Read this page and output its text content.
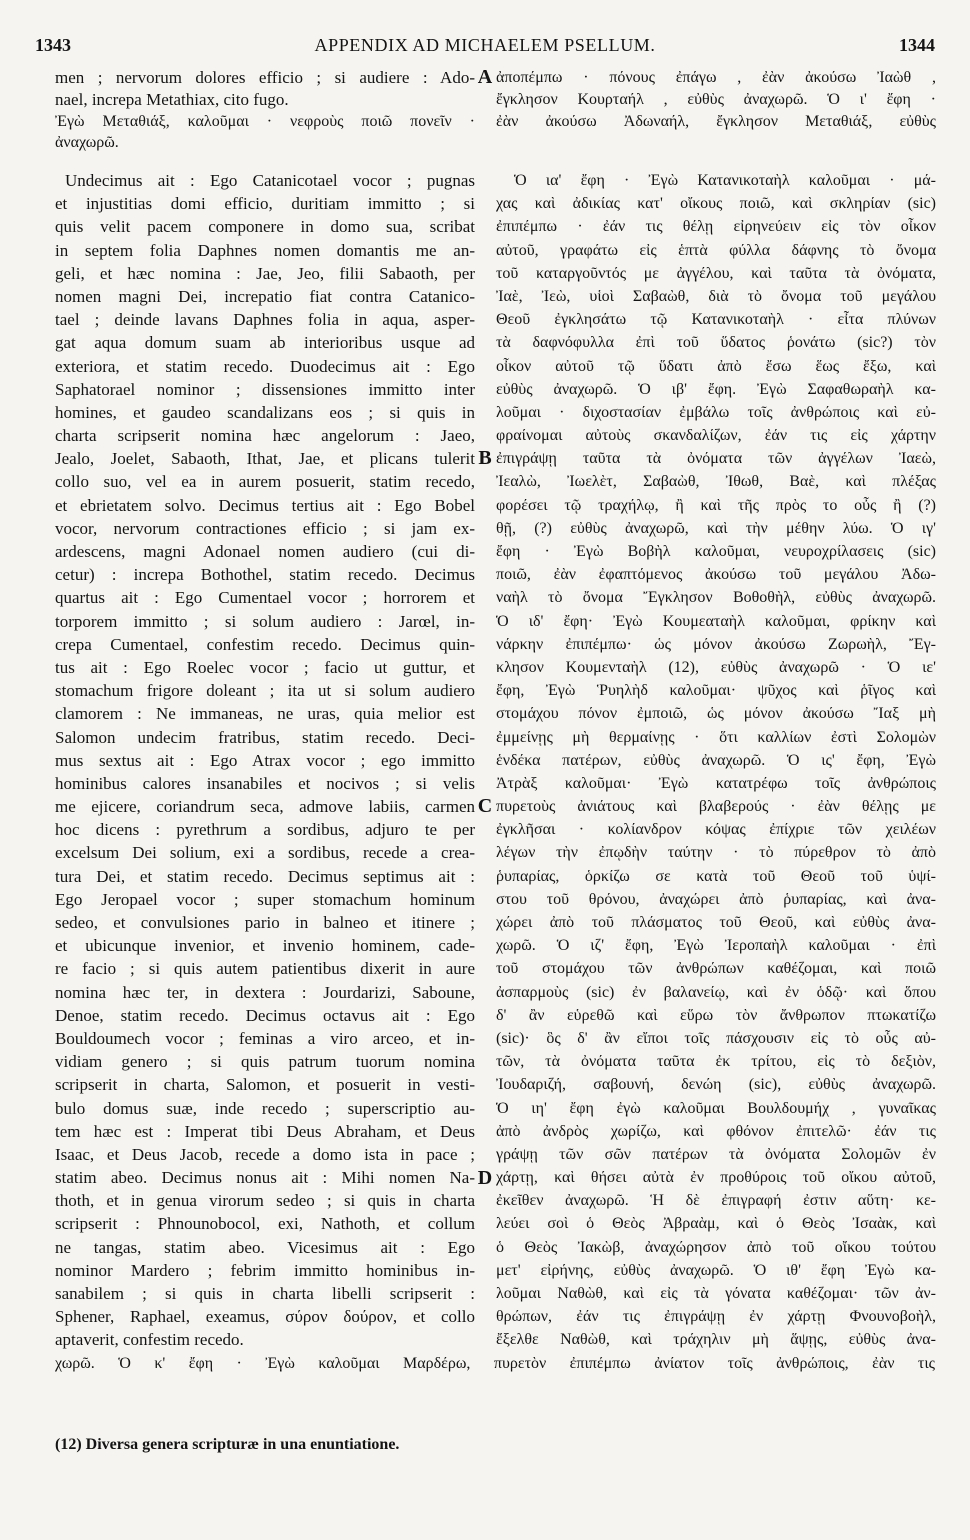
1343	APPENDIX AD MICHAELEM PSELLUM.	1344
men ; nervorum dolores efficio ; si audiere : Ado-
nael, increpa Metathiax, cito fugo.
Ἐγὼ Μεταθιάξ, καλοῦμαι · νεφροὺς ποιῶ πονεῖν ·
ἀναχωρῶ.
ἀποπέμπω · πόνους ἐπάγω , ἐὰν ἀκούσω Ἰαὼθ ,
ἔγκλησον Κουρταήλ , εὐθὺς ἀναχωρῶ. Ὁ ι' ἔφη ·
ἐὰν ἀκούσω Ἀδωναήλ, ἔγκλησον Μεταθιάξ, εὐθὺς
A
B
C
D
Undecimus ait : Ego Catanicotael vocor ; pugnas
et injustitias domi efficio, duritiam immitto ; si
quis velit pacem componere in domo sua, scribat
in septem folia Daphnes nomen domantis me an-
geli, et hæc nomina : Jae, Jeo, filii Sabaoth, per
nomen magni Dei, increpatio fiat contra Catanico-
tael ; deinde lavans Daphnes folia in aqua, asper-
gat aqua domum suam ab interioribus usque ad
exteriora, et statim recedo. Duodecimus ait : Ego
Saphatorael nominor ; dissensiones immitto inter
homines, et gaudeo scandalizans eos ; si quis in
charta scripserit nomina hæc angelorum : Jaeo,
Jealo, Joelet, Sabaoth, Ithat, Jae, et plicans tulerit
collo suo, vel ea in aurem posuerit, statim recedo,
et ebrietatem solvo. Decimus tertius ait : Ego Bobel
vocor, nervorum contractiones efficio ; si jam ex-
ardescens, magni Adonael nomen audiero (cui di-
cetur) : increpa Bothothel, statim recedo. Decimus
quartus ait : Ego Cumentael vocor ; horrorem et
torporem immitto ; si solum audiero : Jarœl, in-
crepa Cumentael, confestim recedo. Decimus quin-
tus ait : Ego Roelec vocor ; facio ut guttur, et
stomachum frigore doleant ; ita ut si solum audiero
clamorem : Ne immaneas, ne uras, quia melior est
Salomon undecim fratribus, statim recedo. Deci-
mus sextus ait : Ego Atrax vocor ; ego immitto
hominibus calores insanabiles et nocivos ; si velis
me ejicere, coriandrum seca, admove labiis, carmen
hoc dicens : pyrethrum a sordibus, adjuro te per
excelsum Dei solium, exi a sordibus, recede a crea-
tura Dei, et statim recedo. Decimus septimus ait :
Ego Jeropael vocor ; super stomachum hominum
sedeo, et convulsiones pario in balneo et itinere ;
et ubicunque invenior, et invenio hominem, cade-
re facio ; si quis autem patientibus dixerit in aure
nomina hæc ter, in dextera : Jourdarizi, Saboune,
Denoe, statim recedo. Decimus octavus ait : Ego
Bouldoumech vocor ; feminas a viro arceo, et in-
vidiam genero ; si quis patrum tuorum nomina
scripserit in charta, Salomon, et posuerit in vesti-
bulo domus suæ, inde recedo ; superscriptio au-
tem hæc est : Imperat tibi Deus Abraham, et Deus
Isaac, et Deus Jacob, recede a domo ista in pace ;
statim abeo. Decimus nonus ait : Mihi nomen Na-
thoth, et in genua virorum sedeo ; si quis in charta
scripserit : Phnounobocol, exi, Nathoth, et collum
ne tangas, statim abeo. Vicesimus ait : Ego
nominor Mardero ; febrim immitto hominibus in-
sanabilem ; si quis in charta libelli scripserit :
Sphener, Raphael, exeamus, σύρον δούρον, et collo
aptaverit, confestim recedo.
Ὁ ια' ἔφη · Ἐγὼ Κατανικοταὴλ καλοῦμαι · μά-
χας καὶ ἀδικίας κατ' οἴκους ποιῶ, καὶ σκληρίαν (sic)
ἐπιπέμπω · ἐάν τις θέλῃ εἰρηνεύειν εἰς τὸν οἶκον
αὐτοῦ, γραφάτω εἰς ἑπτὰ φύλλα δάφνης τὸ ὄνομα
τοῦ καταργοῦντός με ἀγγέλου, καὶ ταῦτα τὰ ὀνόματα,
Ἰαὲ, Ἰεὼ, υἱοὶ Σαβαὼθ, διὰ τὸ ὄνομα τοῦ μεγάλου
Θεοῦ ἐγκλησάτω τῷ Κατανικοταὴλ · εἶτα πλύνων
τὰ δαφνόφυλλα ἐπὶ τοῦ ὕδατος ῥονάτω (sic?) τὸν
οἶκον αὐτοῦ τῷ ὕδατι ἀπὸ ἔσω ἕως ἔξω, καὶ
εὐθὺς ἀναχωρῶ. Ὁ ιβ' ἔφη. Ἐγὼ Σαφαθωραὴλ κα-
λοῦμαι · διχοστασίαν ἐμβάλω τοῖς ἀνθρώποις καὶ εὐ-
φραίνομαι αὐτοὺς σκανδαλίζων, ἐάν τις εἰς χάρτην
ἐπιγράψῃ ταῦτα τὰ ὀνόματα τῶν ἀγγέλων Ἰαεὼ,
Ἰεαλὼ, Ἰωελὲτ, Σαβαὼθ, Ἰθωθ, Βαὲ, καὶ πλέξας
φορέσει τῷ τραχήλῳ, ἢ καὶ τῆς πρὸς το οὖς ἢ (?)
θῇ, (?) εὐθὺς ἀναχωρῶ, καὶ τὴν μέθην λύω. Ὁ ιγ'
ἔφη · Ἐγὼ Βοβὴλ καλοῦμαι, νευροχρίλασεις (sic)
ποιῶ, ἐὰν ἐφαπτόμενος ἀκούσω τοῦ μεγάλου Ἀδω-
ναὴλ τὸ ὄνομα Ἔγκλησον Βοθοθὴλ, εὐθὺς ἀναχωρῶ.
Ὁ ιδ' ἔφη· Ἐγὼ Κουμεαταὴλ καλοῦμαι, φρίκην καὶ
νάρκην ἐπιπέμπω· ὡς μόνον ἀκούσω Ζωρωὴλ, Ἔγ-
κλησον Κουμενταὴλ (12), εὐθὺς ἀναχωρῶ · Ὁ ιε'
ἔφη, Ἐγὼ Ῥυηλὴδ καλοῦμαι· ψῦχος καὶ ῥῖγος καὶ
στομάχου πόνον ἐμποιῶ, ὡς μόνον ἀκούσω Ἴαξ μὴ
ἐμμείνῃς μὴ θερμαίνῃς · ὅτι καλλίων ἐστὶ Σολομὼν
ἑνδέκα πατέρων, εὐθὺς ἀναχωρῶ. Ὁ ις' ἔφη, Ἐγὼ
Ἀτρὰξ καλοῦμαι· Ἐγὼ κατατρέφω τοῖς ἀνθρώποις
πυρετοὺς ἀνιάτους καὶ βλαβερούς · ἐὰν θέλῃς με
ἐγκλῆσαι · κολίανδρον κόψας ἐπίχριε τῶν χειλέων
λέγων τὴν ἐπῳδὴν ταύτην · τὸ πύρεθρον τὸ ἀπὸ
ῥυπαρίας, ὁρκίζω σε κατὰ τοῦ Θεοῦ τοῦ ὑψί-
στου τοῦ θρόνου, ἀναχώρει ἀπὸ ῥυπαρίας, καὶ ἀνα-
χώρει ἀπὸ τοῦ πλάσματος τοῦ Θεοῦ, καὶ εὐθὺς ἀνα-
χωρῶ. Ὁ ιζ' ἔφη, Ἐγὼ Ἰεροπαὴλ καλοῦμαι · ἐπὶ
τοῦ στομάχου τῶν ἀνθρώπων καθέζομαι, καὶ ποιῶ
ἀσπαρμοὺς (sic) ἐν βαλανείῳ, καὶ ἐν ὁδῷ· καὶ ὅπου
δ' ἂν εὑρεθῶ καὶ εὕρω τὸν ἄνθρωπον πτωκατίζω
(sic)· ὃς δ' ἂν εἴποι τοῖς πάσχουσιν εἰς τὸ οὖς αὐ-
τῶν, τὰ ὀνόματα ταῦτα ἐκ τρίτου, εἰς τὸ δεξιὸν,
Ἰουδαριζή, σαβουνή, δενώη (sic), εὐθὺς ἀναχωρῶ.
Ὁ ιη' ἔφη ἐγὼ καλοῦμαι Βουλδουμήχ , γυναῖκας
ἀπὸ ἀνδρὸς χωρίζω, καὶ φθόνον ἐπιτελῶ· ἐάν τις
γράψῃ τῶν σῶν πατέρων τὰ ὀνόματα Σολομῶν ἐν
χάρτῃ, καὶ θήσει αὐτὰ ἐν προθύροις τοῦ οἴκου αὐτοῦ,
ἐκεῖθεν ἀναχωρῶ. Ἡ δὲ ἐπιγραφή ἐστιν αὕτη· κε-
λεύει σοὶ ὁ Θεὸς Ἀβραὰμ, καὶ ὁ Θεὸς Ἰσαὰκ, καὶ
ὁ Θεὸς Ἰακὼβ, ἀναχώρησον ἀπὸ τοῦ οἴκου τούτου
μετ' εἰρήνης, εὐθὺς ἀναχωρῶ. Ὁ ιθ' ἔφη Ἐγὼ κα-
λοῦμαι Ναθὼθ, καὶ εἰς τὰ γόνατα καθέζομαι· τῶν ἀν-
θρώπων, ἐάν τις ἐπιγράψῃ ἐν χάρτῃ Φνουνοβοὴλ,
ἔξελθε Ναθὼθ, καὶ τράχηλιν μὴ ἅψῃς, εὐθὺς ἀνα-
χωρῶ. Ὁ κ' ἔφη · Ἐγὼ καλοῦμαι Μαρδέρω, πυρετὸν ἐπιπέμπω ἀνίατον τοῖς ἀνθρώποις, ἐὰν τις
(12) Diversa genera scripturæ in una enuntiatione.
